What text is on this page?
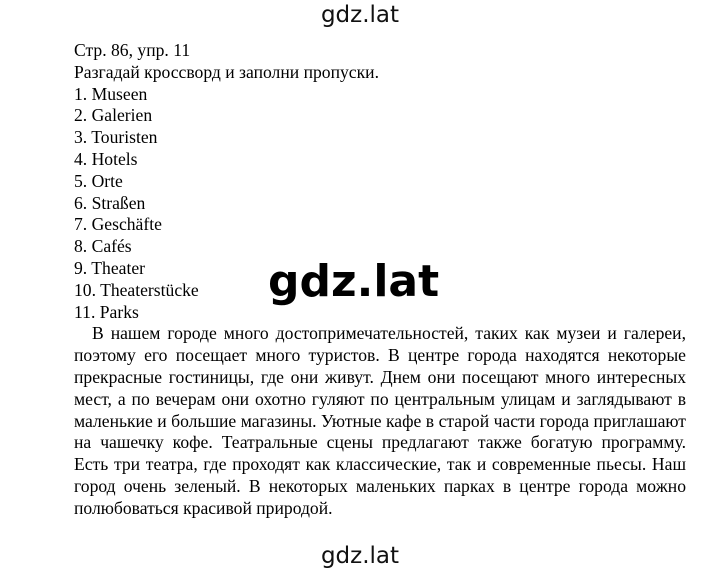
gdz.lat

Стр. 86, упр. 11

Разгадай кроссворд и заполни пропуски.

1. Museen
2. Galerien
3. Touristen
4. Hotels
5. Orte
6. Straßen
7. Geschäfte
8. Cafés
9. Theater
10. Theaterstücke
11. Parks

В нашем городе много достопримечательностей, таких как музеи и галереи, поэтому его посещает много туристов. В центре города находятся некоторые прекрасные гостиницы, где они живут. Днем они посещают много интересных мест, а по вечерам они охотно гуляют по центральным улицам и заглядывают в маленькие и большие магазины. Уютные кафе в старой части города приглашают на чашечку кофе. Театральные сцены предлагают также богатую программу. Есть три театра, где проходят как классические, так и современные пьесы. Наш город очень зеленый. В некоторых маленьких парках в центре города можно полюбоваться красивой природой.

gdz.lat
gdz.lat
